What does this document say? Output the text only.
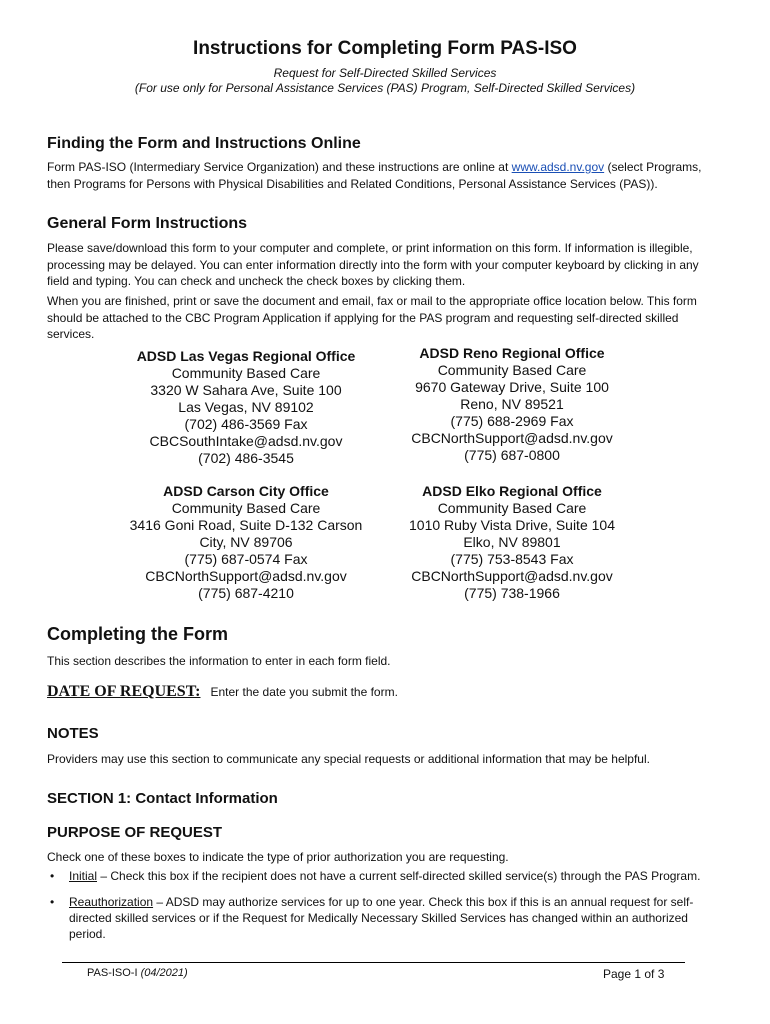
Instructions for Completing Form PAS-ISO
Request for Self-Directed Skilled Services
(For use only for Personal Assistance Services (PAS) Program, Self-Directed Skilled Services)
Finding the Form and Instructions Online
Form PAS-ISO (Intermediary Service Organization) and these instructions are online at www.adsd.nv.gov (select Programs, then Programs for Persons with Physical Disabilities and Related Conditions, Personal Assistance Services (PAS)).
General Form Instructions
Please save/download this form to your computer and complete, or print information on this form. If information is illegible, processing may be delayed. You can enter information directly into the form with your computer keyboard by clicking in any field and typing. You can check and uncheck the check boxes by clicking them.
When you are finished, print or save the document and email, fax or mail to the appropriate office location below. This form should be attached to the CBC Program Application if applying for the PAS program and requesting self-directed skilled services.
ADSD Las Vegas Regional Office
Community Based Care
3320 W Sahara Ave, Suite 100
Las Vegas, NV 89102
(702) 486-3569 Fax
CBCSouthIntake@adsd.nv.gov
(702) 486-3545
ADSD Reno Regional Office
Community Based Care
9670 Gateway Drive, Suite 100
Reno, NV 89521
(775) 688-2969 Fax
CBCNorthSupport@adsd.nv.gov
(775) 687-0800
ADSD Carson City Office
Community Based Care
3416 Goni Road, Suite D-132 Carson City, NV 89706
(775) 687-0574 Fax
CBCNorthSupport@adsd.nv.gov
(775) 687-4210
ADSD Elko Regional Office
Community Based Care
1010 Ruby Vista Drive, Suite 104
Elko, NV 89801
(775) 753-8543 Fax
CBCNorthSupport@adsd.nv.gov
(775) 738-1966
Completing the Form
This section describes the information to enter in each form field.
DATE OF REQUEST: Enter the date you submit the form.
NOTES
Providers may use this section to communicate any special requests or additional information that may be helpful.
SECTION 1: Contact Information
PURPOSE OF REQUEST
Check one of these boxes to indicate the type of prior authorization you are requesting.
• Initial – Check this box if the recipient does not have a current self-directed skilled service(s) through the PAS Program.
• Reauthorization – ADSD may authorize services for up to one year. Check this box if this is an annual request for self-directed skilled services or if the Request for Medically Necessary Skilled Services has changed within an authorized period.
PAS-ISO-I (04/2021)	Page 1 of 3
